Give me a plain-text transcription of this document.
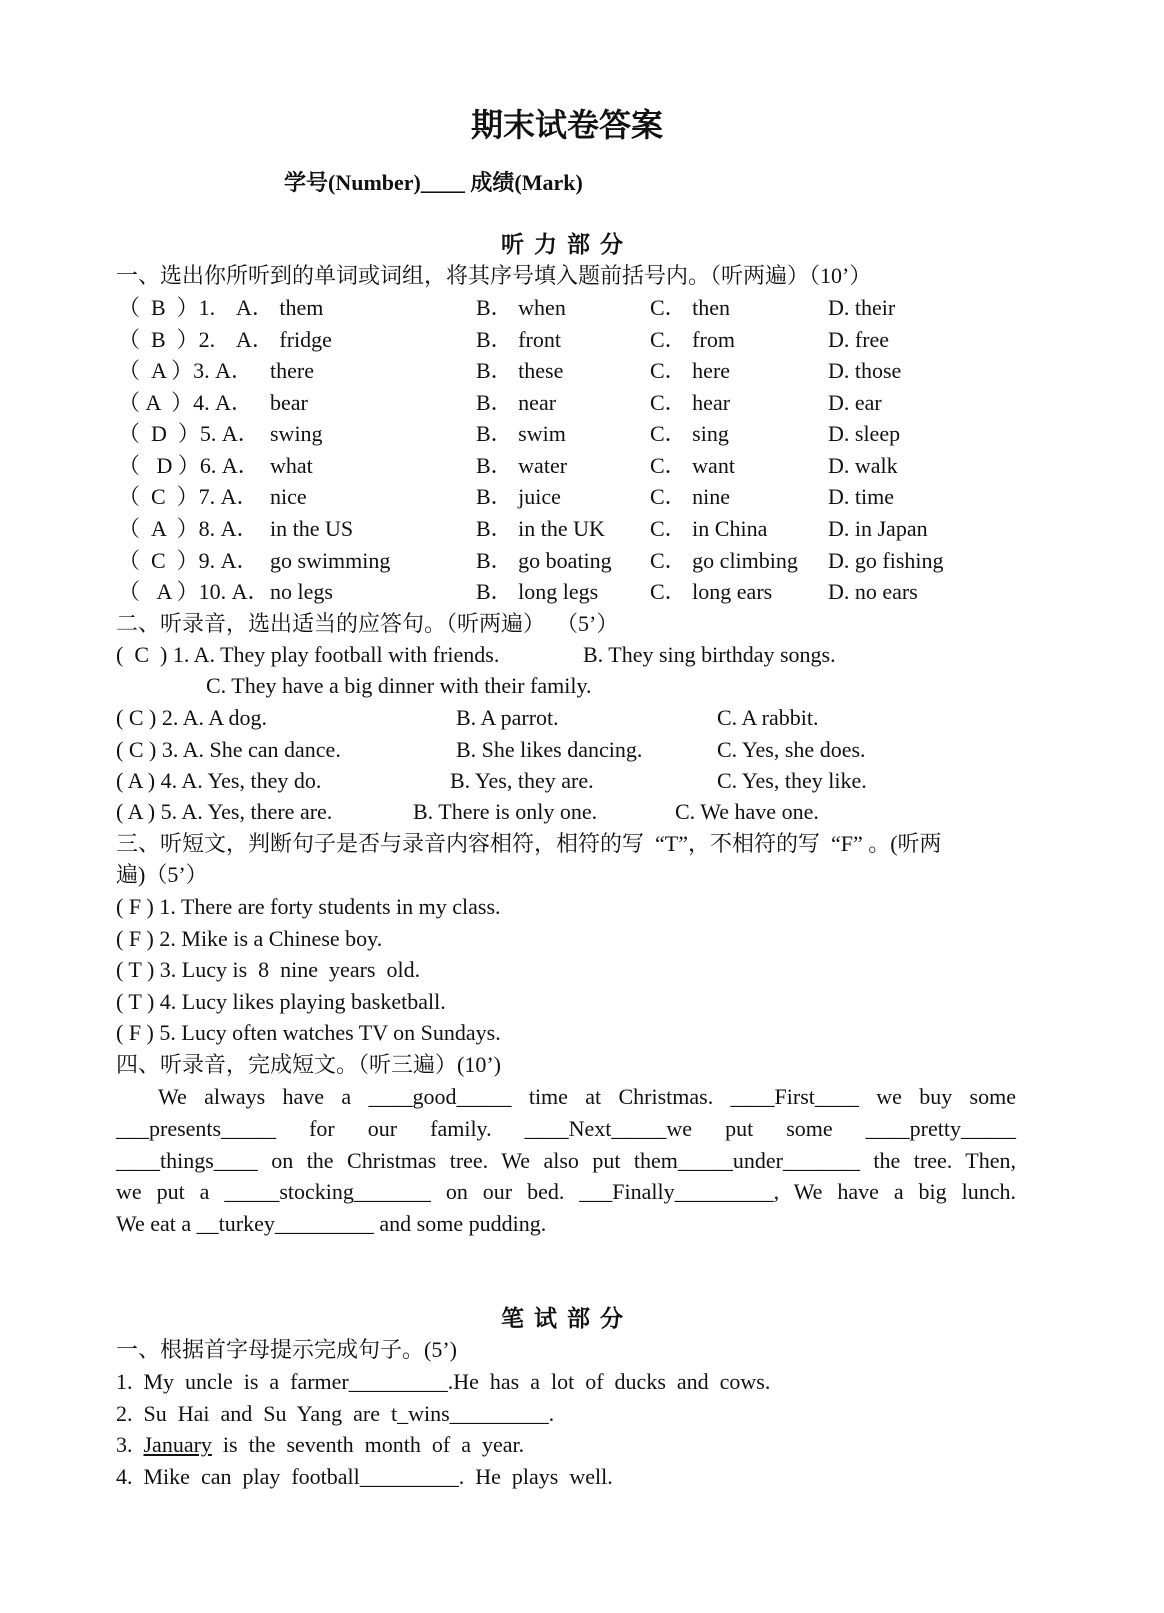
期末试卷答案
学号(Number)____ 成绩(Mark)
听力部分
一、选出你所听到的单词或词组，将其序号填入题前括号内。（听两遍）（10’）
（  B  ）1. A． them	B． when	C． then	D. their
（  B  ）2. A． fridge	B． front	C． from	D. free
（  A ）3. A． there	B． these	C． here	D. those
（ A  ）4. A． bear	B． near	C． hear	D. ear
（  D  ）5. A． swing	B． swim	C． sing	D. sleep
（   D ）6. A． what	B． water	C． want	D. walk
（  C  ）7. A． nice	B． juice	C． nine	D. time
（  A  ）8. A． in the US	B． in the UK C． in China	D. in Japan
（  C  ）9. A． go swimming	B． go boating C． go climbing D. go fishing
（   A ）10. A． no legs	B． long legs C． long ears	D. no ears
二、听录音，选出适当的应答句。（听两遍）  （5’）
(  C  ) 1. A. They play football with friends.	B. They sing birthday songs.
C. They have a big dinner with their family.
( C ) 2. A. A dog.	B. A parrot.	C. A rabbit.
( C ) 3. A. She can dance.	B. She likes dancing.	C. Yes, she does.
( A ) 4. A. Yes, they do.	B. Yes, they are.	C. Yes, they like.
( A ) 5. A. Yes, there are.	B. There is only one.	C. We have one.
三、听短文，判断句子是否与录音内容相符，相符的写  “T”，不相符的写  “F” 。(听两
遍)（5’）
( F ) 1. There are forty students in my class.
( F ) 2. Mike is a Chinese boy.
( T ) 3. Lucy is  8  nine  years  old.
( T ) 4. Lucy likes playing basketball.
( F ) 5. Lucy often watches TV on Sundays.
四、听录音，完成短文。（听三遍）(10’)
We always have a ____good_____ time at Christmas. ____First____ we buy some
___presents_____ for our family. ____Next_____we put some ____pretty_____
____things____ on the Christmas tree. We also put them_____under_______ the tree. Then,
we put a _____stocking_______ on our bed. ___Finally_________, We have a big lunch.
We eat a __turkey_________ and some pudding.
笔试部分
一、根据首字母提示完成句子。(5’)
1.  My  uncle  is  a  farmer_________.He  has  a  lot  of  ducks  and  cows.
2.  Su  Hai  and  Su  Yang  are  t_wins_________.
3.  January  is  the  seventh  month  of  a  year.
4.  Mike  can  play  football_________.  He  plays  well.
